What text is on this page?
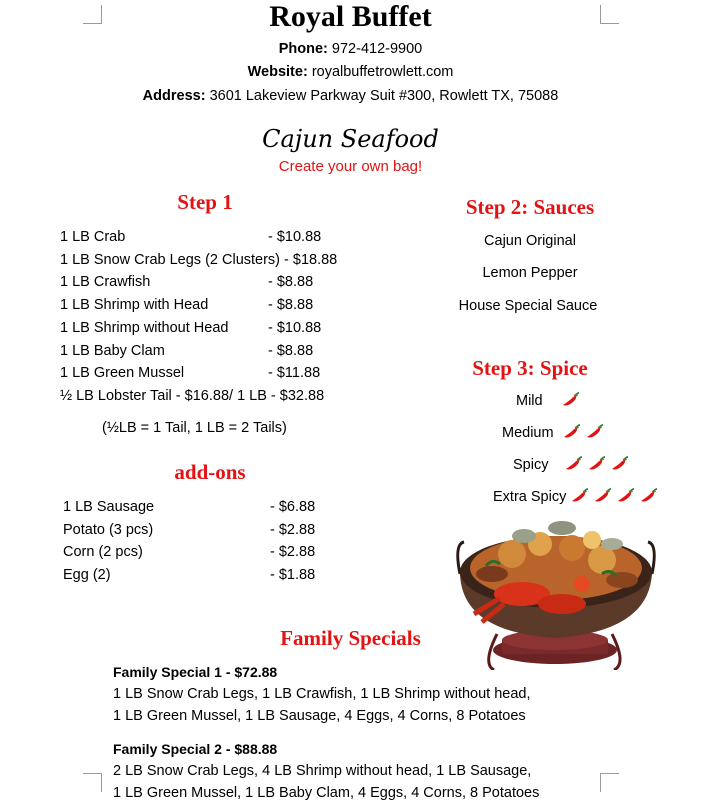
Royal Buffet
Phone: 972-412-9900
Website: royalbuffetrowlett.com
Address: 3601 Lakeview Parkway Suit #300, Rowlett TX, 75088
Cajun Seafood
Create your own bag!
Step 1
1 LB Crab	- $10.88
1 LB Snow Crab Legs (2 Clusters) - $18.88
1 LB Crawfish	- $8.88
1 LB Shrimp with Head	- $8.88
1 LB Shrimp without Head	- $10.88
1 LB Baby Clam	- $8.88
1 LB Green Mussel	- $11.88
½ LB Lobster Tail - $16.88/ 1 LB - $32.88
(½LB = 1 Tail, 1 LB = 2 Tails)
add-ons
1 LB Sausage	- $6.88
Potato (3 pcs)	- $2.88
Corn (2 pcs)	- $2.88
Egg (2)	- $1.88
Step 2: Sauces
Cajun Original
Lemon Pepper
House Special Sauce
Step 3: Spice
Mild
Medium
Spicy
Extra Spicy
Family Specials
Family Special 1 - $72.88
1 LB Snow Crab Legs, 1 LB Crawfish, 1 LB Shrimp without head,
1 LB Green Mussel, 1 LB Sausage, 4 Eggs, 4 Corns, 8 Potatoes
Family Special 2 - $88.88
2 LB Snow Crab Legs, 4 LB Shrimp without head, 1 LB Sausage,
1 LB Green Mussel, 1 LB Baby Clam, 4 Eggs, 4 Corns, 8 Potatoes
